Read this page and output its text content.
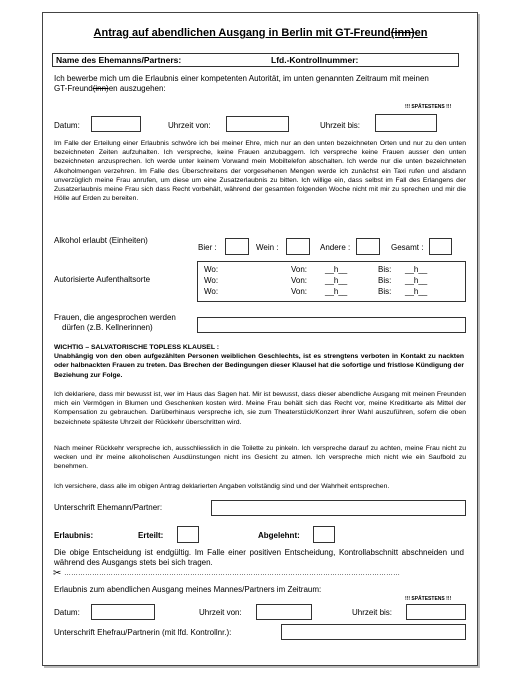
Antrag auf abendlichen Ausgang in Berlin mit GT-Freund(inn)en
Name des Ehemanns/Partners:	Lfd.-Kontrollnummer:
Ich bewerbe mich um die Erlaubnis einer kompetenten Autorität, im unten genannten Zeitraum mit meinen
GT-Freund(inn)en auszugehen:
!!! SPÄTESTENS !!!
Datum:	Uhrzeit von:	Uhrzeit bis:
Im Falle der Erteilung einer Erlaubnis schwöre ich bei meiner Ehre, mich nur an den unten bezeichneten Orten und nur zu den unten bezeichneten Zeiten aufzuhalten. Ich verspreche, keine Frauen anzubaggern. Ich verspreche keine Frauen ausser den unten bezeichneten anzusprechen. Ich werde unter keinem Vorwand mein Mobiltelefon abschalten. Ich werde nur die unten bezeichneten Alkoholmengen verzehren. Im Falle des Überschreitens der vorgesehenen Mengen werde ich zunächst ein Taxi rufen und alsdann unverzüglich meine Frau anrufen, um diese um eine Zusatzerlaubnis zu bitten. Ich willige ein, dass selbst im Fall des Erlangens der Zusatzerlaubnis meine Frau sich dass Recht vorbehält, während der gesamten folgenden Woche nicht mit mir zu sprechen und mir die Hölle auf Erden zu bereiten.
Alkohol erlaubt (Einheiten)
Bier :	Wein :	Andere :	Gesamt :
Autorisierte Aufenthaltsorte
Wo:	Von: __h__	Bis: __h__
Wo:	Von: __h__	Bis: __h__
Wo:	Von: __h__	Bis: __h__
Frauen, die angesprochen werden
dürfen (z.B. Kellnerinnen)
WICHTIG – SALVATORISCHE TOPLESS KLAUSEL :
Unabhängig von den oben aufgezählten Personen weiblichen Geschlechts, ist es strengtens verboten in Kontakt zu nackten oder halbnackten Frauen zu treten. Das Brechen der Bedingungen dieser Klausel hat die sofortige und fristlose Kündigung der Beziehung zur Folge.
Ich deklariere, dass mir bewusst ist, wer im Haus das Sagen hat. Mir ist bewusst, dass dieser abendliche Ausgang mit meinen Freunden mich ein Vermögen in Blumen und Geschenken kosten wird. Meine Frau behält sich das Recht vor, meine Kreditkarte als Mittel der Kompensation zu gebrauchen. Darüberhinaus verspreche ich, sie zum Theaterstück/Konzert ihrer Wahl auszuführen, sofern die oben bezeichnete späteste Uhrzeit der Rückkehr überschritten wird.
Nach meiner Rückkehr verspreche ich, ausschliesslich in die Toilette zu pinkeln. Ich verspreche darauf zu achten, meine Frau nicht zu wecken und ihr meine alkoholischen Ausdünstungen nicht ins Gesicht zu atmen. Ich verspreche mich nicht wie ein Saufbold zu benehmen.
Ich versichere, dass alle im obigen Antrag deklarierten Angaben vollständig sind und der Wahrheit entsprechen.
Unterschrift Ehemann/Partner:
Erlaubnis:	Erteilt:	Abgelehnt:
Die obige Entscheidung ist endgültig. Im Falle einer positiven Entscheidung, Kontrollabschnitt abschneiden und während des Ausgangs stets bei sich tragen.
✂ ………………………………………………………………………………………………………………………………
Erlaubnis zum abendlichen Ausgang meines Mannes/Partners im Zeitraum:
!!! SPÄTESTENS !!!
Datum:	Uhrzeit von:	Uhrzeit bis:
Unterschrift Ehefrau/Partnerin (mit lfd. Kontrollnr.):
